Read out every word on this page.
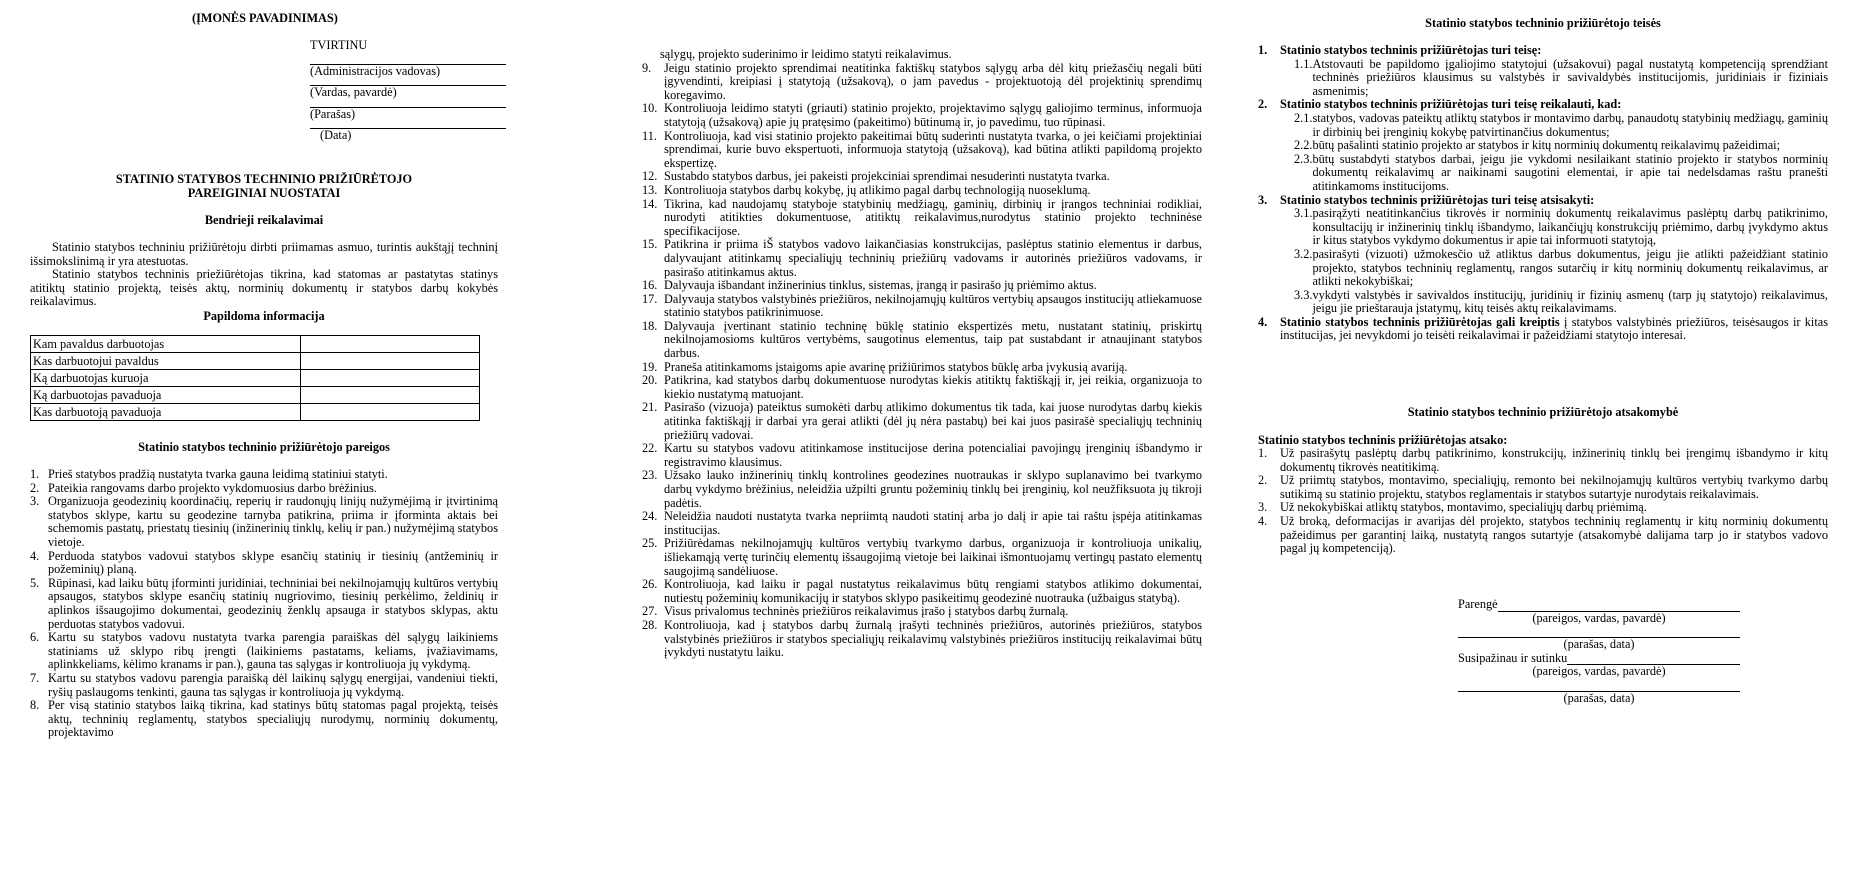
(ĮMONĖS PAVADINIMAS)
TVIRTINU
(Administracijos vadovas)
(Vardas, pavardė)
(Parašas)
(Data)
STATINIO STATYBOS TECHNINIO PRIŽIŪRĖTOJO
PAREIGINIAI NUOSTATAI
Bendrieji reikalavimai

Statinio statybos techniniu prižiūrėtoju dirbti priimamas asmuo, turintis aukštąjį techninį išsimokslinimą ir yra atestuotas.

Statinio statybos techninis priežiūrėtojas tikrina, kad statomas ar pastatytas statinys atitiktų statinio projektą, teisės aktų, norminių dokumentų ir statybos darbų kokybės reikalavimus.

Papildoma informacija
Kam pavaldus darbuotojas	
Kas darbuotojui pavaldus	
Ką darbuotojas kuruoja	
Ką darbuotojas pavaduoja	
Kas darbuotoją pavaduoja	
Statinio statybos techninio prižiūrėtojo pareigos
1. Prieš statybos pradžią nustatyta tvarka gauna leidimą statiniui statyti.
2. Pateikia rangovams darbo projekto vykdomuosius darbo brėžinius.
3. Organizuoja geodezinių koordinačių, reperių ir raudonųjų linijų nužymėjimą ir įtvirtinimą statybos sklype, kartu su geodezine tarnyba patikrina, priima ir įforminta aktais bei schemomis pastatų, priestatų tiesinių (inžinerinių tinklų, kelių ir pan.) nužymėjimą statybos vietoje.
4. Perduoda statybos vadovui statybos sklype esančių statinių ir tiesinių (antžeminių ir požeminių) planą.
5. Rūpinasi, kad laiku būtų įforminti juridiniai, techniniai bei nekilnojamųjų kultūros vertybių apsaugos, statybos sklype esančių statinių nugriovimo, tiesinių perkėlimo, želdinių ir aplinkos išsaugojimo dokumentai, geodezinių ženklų apsauga ir statybos sklypas, aktu perduotas statybos vadovui.
6. Kartu su statybos vadovu nustatyta tvarka parengia paraiškas dėl sąlygų laikiniems statiniams už sklypo ribų įrengti (laikiniems pastatams, keliams, įvažiavimams, aplinkkeliams, kėlimo kranams ir pan.), gauna tas sąlygas ir kontroliuoja jų vykdymą.
7. Kartu su statybos vadovu parengia paraišką dėl laikinų sąlygų energijai, vandeniui tiekti, ryšių paslaugoms tenkinti, gauna tas sąlygas ir kontroliuoja jų vykdymą.
8. Per visą statinio statybos laiką tikrina, kad statinys būtų statomas pagal projektą, teisės aktų, techninių reglamentų, statybos specialiųjų nurodymų, norminių dokumentų, projektavimo
sąlygų, projekto suderinimo ir leidimo statyti reikalavimus.
9.	Jeigu statinio projekto sprendimai neatitinka faktiškų statybos sąlygų arba dėl kitų priežasčių negali būti įgyvendinti, kreipiasi į statytoją (užsakovą), o jam pavedus - projektuotoją dėl projektinių sprendimų koregavimo.
10. Kontroliuoja leidimo statyti (griauti) statinio projekto, projektavimo sąlygų galiojimo terminus, informuoja statytoją (užsakovą) apie jų pratęsimo (pakeitimo) būtinumą ir, jo pavedimu, tuo rūpinasi.
11. Kontroliuoja, kad visi statinio projekto pakeitimai būtų suderinti nustatyta tvarka, o jei keičiami projektiniai sprendimai, kurie buvo ekspertuoti, informuoja statytoją (užsakovą), kad būtina atlikti papildomą projekto ekspertizę.
12. Sustabdo statybos darbus, jei pakeisti projekciniai sprendimai nesuderinti nustatyta tvarka.
13. Kontroliuoja statybos darbų kokybę, jų atlikimo pagal darbų technologiją nuoseklumą.
14. Tikrina, kad naudojamų statyboje statybinių medžiagų, gaminių, dirbinių ir įrangos techniniai rodikliai, nurodyti atitikties dokumentuose, atitiktų reikalavimus,nurodytus statinio projekto techninėse specifikacijose.
15. Patikrina ir priima iŠ statybos vadovo laikančiasias konstrukcijas, paslėptus statinio elementus ir darbus, dalyvaujant atitinkamų specialiųjų techninių priežiūrų vadovams ir autorinės priežiūros vadovams, ir pasirašo atitinkamus aktus.
16. Dalyvauja išbandant inžinerinius tinklus, sistemas, įrangą ir pasirašo jų priėmimo aktus.
17. Dalyvauja statybos valstybinės priežiūros, nekilnojamųjų kultūros vertybių apsaugos institucijų atliekamuose statinio statybos patikrinimuose.
18. Dalyvauja įvertinant statinio techninę būklę statinio ekspertizės metu, nustatant statinių, priskirtų nekilnojamosioms kultūros vertybėms, saugotinus elementus, taip pat sustabdant ir atnaujinant statybos darbus.
19. Praneša atitinkamoms įstaigoms apie avarinę prižiūrimos statybos būklę arba įvykusią avariją.
20. Patikrina, kad statybos darbų dokumentuose nurodytas kiekis atitiktų faktiškąjį ir, jei reikia, organizuoja to kiekio nustatymą matuojant.
21. Pasirašo (vizuoja) pateiktus sumokėti darbų atlikimo dokumentus tik tada, kai juose nurodytas darbų kiekis atitinka faktiškąjį ir darbai yra gerai atlikti (dėl jų nėra pastabų) bei kai juos pasirašė specialiųjų techninių priežiūrų vadovai.
22. Kartu su statybos vadovu atitinkamose institucijose derina potencialiai pavojingų įrenginių išbandymo ir registravimo klausimus.
23. Užsako lauko inžinerinių tinklų kontrolines geodezines nuotraukas ir sklypo suplanavimo bei tvarkymo darbų vykdymo brėžinius, neleidžia užpilti gruntu požeminių tinklų bei įrenginių, kol neužfiksuota jų tikroji padėtis.
24. Neleidžia naudoti nustatyta tvarka nepriimtą naudoti statinį arba jo dalį ir apie tai raštu įspėja atitinkamas institucijas.
25. Prižiūrėdamas nekilnojamųjų kultūros vertybių tvarkymo darbus, organizuoja ir kontroliuoja unikalių, išliekamąją vertę turinčių elementų išsaugojimą vietoje bei laikinai išmontuojamų vertingų pastato elementų saugojimą sandėliuose.
26. Kontroliuoja, kad laiku ir pagal nustatytus reikalavimus būtų rengiami statybos atlikimo dokumentai, nutiestų požeminių komunikacijų ir statybos sklypo pasikeitimų geodezinė nuotrauka (užbaigus statybą).
27. Visus privalomus techninės priežiūros reikalavimus įrašo į statybos darbų žurnalą.
28. Kontroliuoja, kad į statybos darbų žurnalą įrašyti techninės priežiūros, autorinės priežiūros, statybos valstybinės priežiūros ir statybos specialiųjų reikalavimų valstybinės priežiūros institucijų reikalavimai būtų įvykdyti nustatytu laiku.
Statinio statybos techninio prižiūrėtojo teisės
1.	Statinio statybos techninis prižiūrėtojas turi teisę:
1.1. Atstovauti be papildomo įgaliojimo statytojui (užsakovui) pagal nustatytą kompetenciją sprendžiant techninės priežiūros klausimus su valstybės ir savivaldybės institucijomis, juridiniais ir fiziniais asmenimis;
2.	Statinio statybos techninis prižiūrėtojas turi teisę reikalauti, kad:
2.1. statybos, vadovas pateiktų atliktų statybos ir montavimo darbų, panaudotų statybinių medžiagų, gaminių ir dirbinių bei įrenginių kokybę patvirtinančius dokumentus;
2.2. būtų pašalinti statinio projekto ar statybos ir kitų norminių dokumentų reikalavimų pažeidimai;
2.3. būtų sustabdyti statybos darbai, jeigu jie vykdomi nesilaikant statinio projekto ir statybos norminių dokumentų reikalavimų ar naikinami saugotini elementai, ir apie tai nedelsdamas raštu pranešti atitinkamoms institucijoms.
3.	Statinio statybos techninis prižiūrėtojas turi teisę atsisakyti:
3.1. pasirąžyti neatitinkančius tikrovės ir norminių dokumentų reikalavimus paslėptų darbų patikrinimo, konsultacijų ir inžinerinių tinklų išbandymo, laikančiųjų konstrukcijų priėmimo, darbų įvykdymo aktus ir kitus statybos vykdymo dokumentus ir apie tai informuoti statytoją,
3.2. pasirašyti (vizuoti) užmokesčio už atliktus darbus dokumentus, jeigu jie atlikti pažeidžiant statinio projekto, statybos techninių reglamentų, rangos sutarčių ir kitų norminių dokumentų reikalavimus, ar atlikti nekokybiškai;
3.3. vykdyti valstybės ir savivaldos institucijų, juridinių ir fizinių asmenų (tarp jų statytojo) reikalavimus, jeigu jie prieštarauja įstatymų, kitų teisės aktų reikalavimams.
4.	Statinio statybos techninis prižiūrėtojas gali kreiptis į statybos valstybinės priežiūros, teisėsaugos ir kitas institucijas, jei nevykdomi jo teisėti reikalavimai ir pažeidžiami statytojo interesai.
Statinio statybos techninio prižiūrėtojo atsakomybė
Statinio statybos techninis prižiūrėtojas atsako:
1.	Už pasirašytų paslėptų darbų patikrinimo, konstrukcijų, inžinerinių tinklų bei įrengimų išbandymo ir kitų dokumentų tikrovės neatitikimą.
2.	Už priimtų statybos, montavimo, specialiųjų, remonto bei nekilnojamųjų kultūros vertybių tvarkymo darbų sutikimą su statinio projektu, statybos reglamentais ir statybos sutartyje nurodytais reikalavimais.
3.	Už nekokybiškai atliktų statybos, montavimo, specialiųjų darbų priėmimą.
4.	Už broką, deformacijas ir avarijas dėl projekto, statybos techninių reglamentų ir kitų norminių dokumentų pažeidimus per garantinį laiką, nustatytą rangos sutartyje (atsakomybė dalijama tarp jo ir statybos vadovo pagal jų kompetenciją).
Parengė
(pareigos, vardas, pavardė)
(parašas, data)
Susipažinau ir sutinku
(pareigos, vardas, pavardė)
(parašas, data)
